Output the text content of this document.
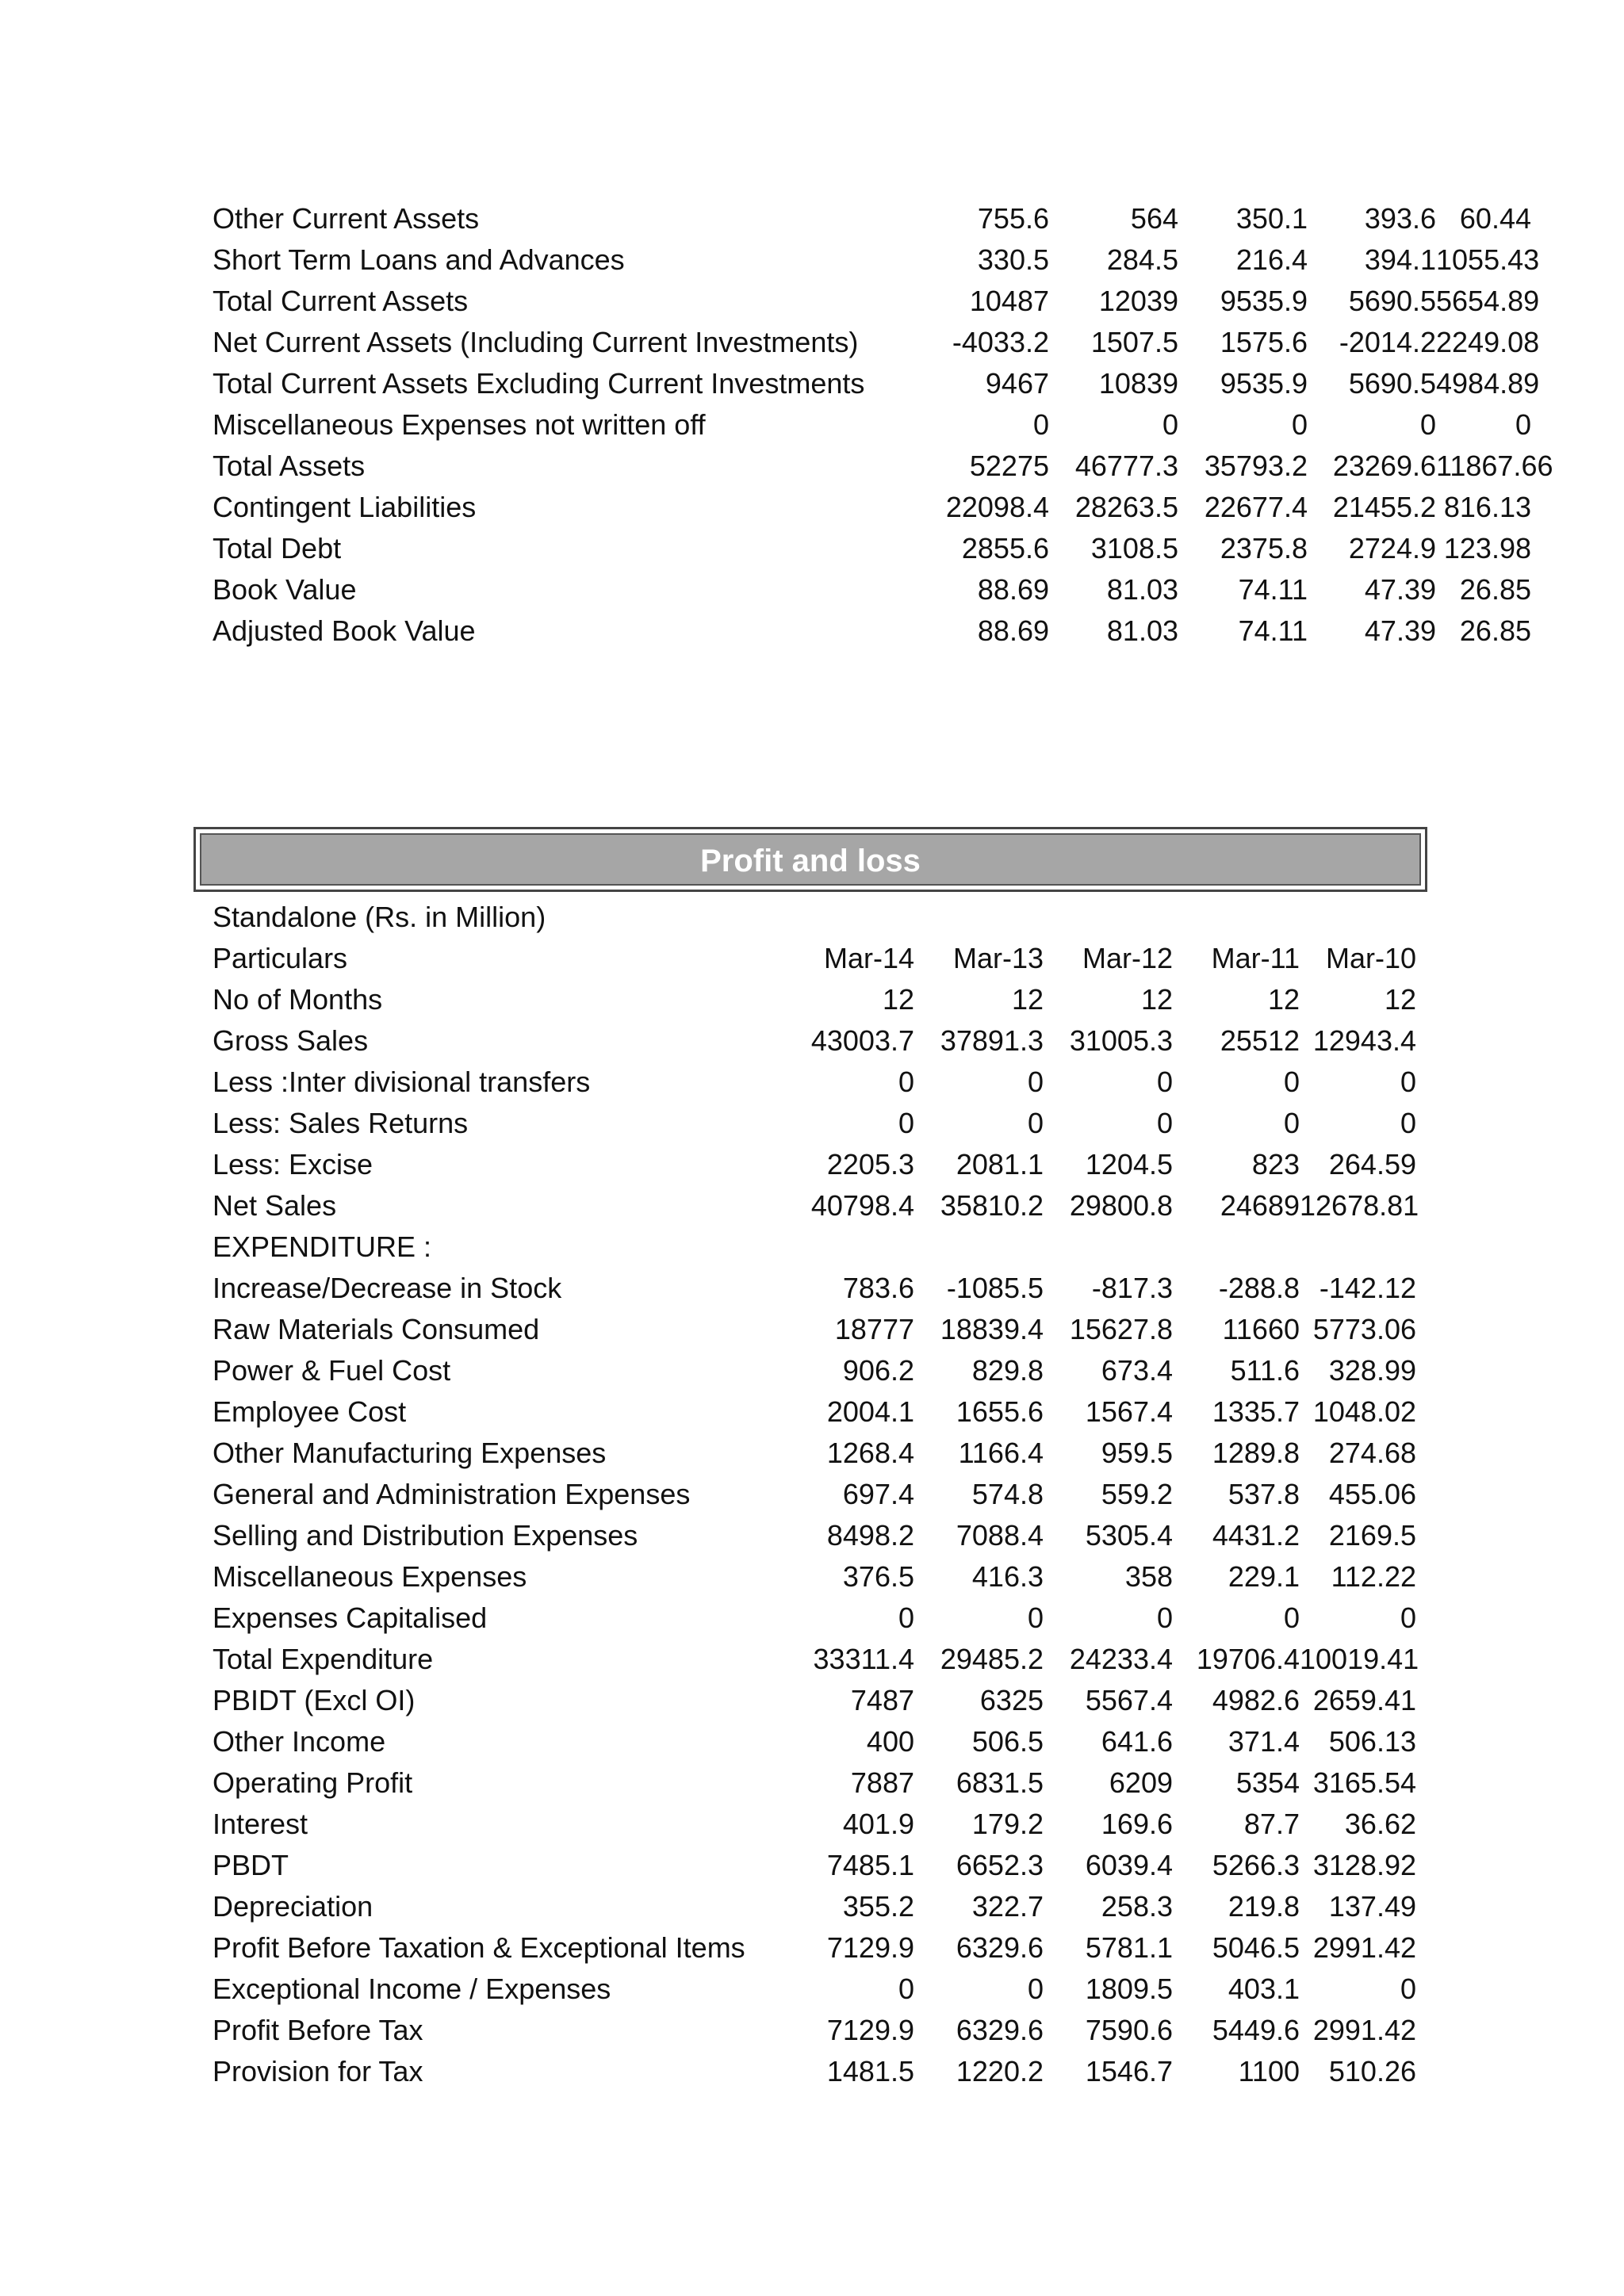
Other Current Assets	755.6	564	350.1	393.6	60.44
Short Term Loans and Advances	330.5	284.5	216.4	394.1	1055.43
Total Current Assets	10487	12039	9535.9	5690.5	5654.89
Net Current Assets (Including Current Investments)	-4033.2	1507.5	1575.6	-2014.2	2249.08
Total Current Assets Excluding Current Investments	9467	10839	9535.9	5690.5	4984.89
Miscellaneous Expenses not written off	0	0	0	0	0
Total Assets	52275	46777.3	35793.2	23269.6	11867.66
Contingent Liabilities	22098.4	28263.5	22677.4	21455.2	816.13
Total Debt	2855.6	3108.5	2375.8	2724.9	123.98
Book Value	88.69	81.03	74.11	47.39	26.85
Adjusted Book Value	88.69	81.03	74.11	47.39	26.85
Profit and loss
Standalone (Rs. in Million)					
Particulars	Mar-14	Mar-13	Mar-12	Mar-11	Mar-10
No of Months	12	12	12	12	12
Gross Sales	43003.7	37891.3	31005.3	25512	12943.4
Less :Inter divisional transfers	0	0	0	0	0
Less: Sales Returns	0	0	0	0	0
Less: Excise	2205.3	2081.1	1204.5	823	264.59
Net Sales	40798.4	35810.2	29800.8	24689	12678.81
EXPENDITURE :					
Increase/Decrease in Stock	783.6	-1085.5	-817.3	-288.8	-142.12
Raw Materials Consumed	18777	18839.4	15627.8	11660	5773.06
Power & Fuel Cost	906.2	829.8	673.4	511.6	328.99
Employee Cost	2004.1	1655.6	1567.4	1335.7	1048.02
Other Manufacturing Expenses	1268.4	1166.4	959.5	1289.8	274.68
General and Administration Expenses	697.4	574.8	559.2	537.8	455.06
Selling and Distribution Expenses	8498.2	7088.4	5305.4	4431.2	2169.5
Miscellaneous Expenses	376.5	416.3	358	229.1	112.22
Expenses Capitalised	0	0	0	0	0
Total Expenditure	33311.4	29485.2	24233.4	19706.4	10019.41
PBIDT (Excl OI)	7487	6325	5567.4	4982.6	2659.41
Other Income	400	506.5	641.6	371.4	506.13
Operating Profit	7887	6831.5	6209	5354	3165.54
Interest	401.9	179.2	169.6	87.7	36.62
PBDT	7485.1	6652.3	6039.4	5266.3	3128.92
Depreciation	355.2	322.7	258.3	219.8	137.49
Profit Before Taxation & Exceptional Items	7129.9	6329.6	5781.1	5046.5	2991.42
Exceptional Income / Expenses	0	0	1809.5	403.1	0
Profit Before Tax	7129.9	6329.6	7590.6	5449.6	2991.42
Provision for Tax	1481.5	1220.2	1546.7	1100	510.26
